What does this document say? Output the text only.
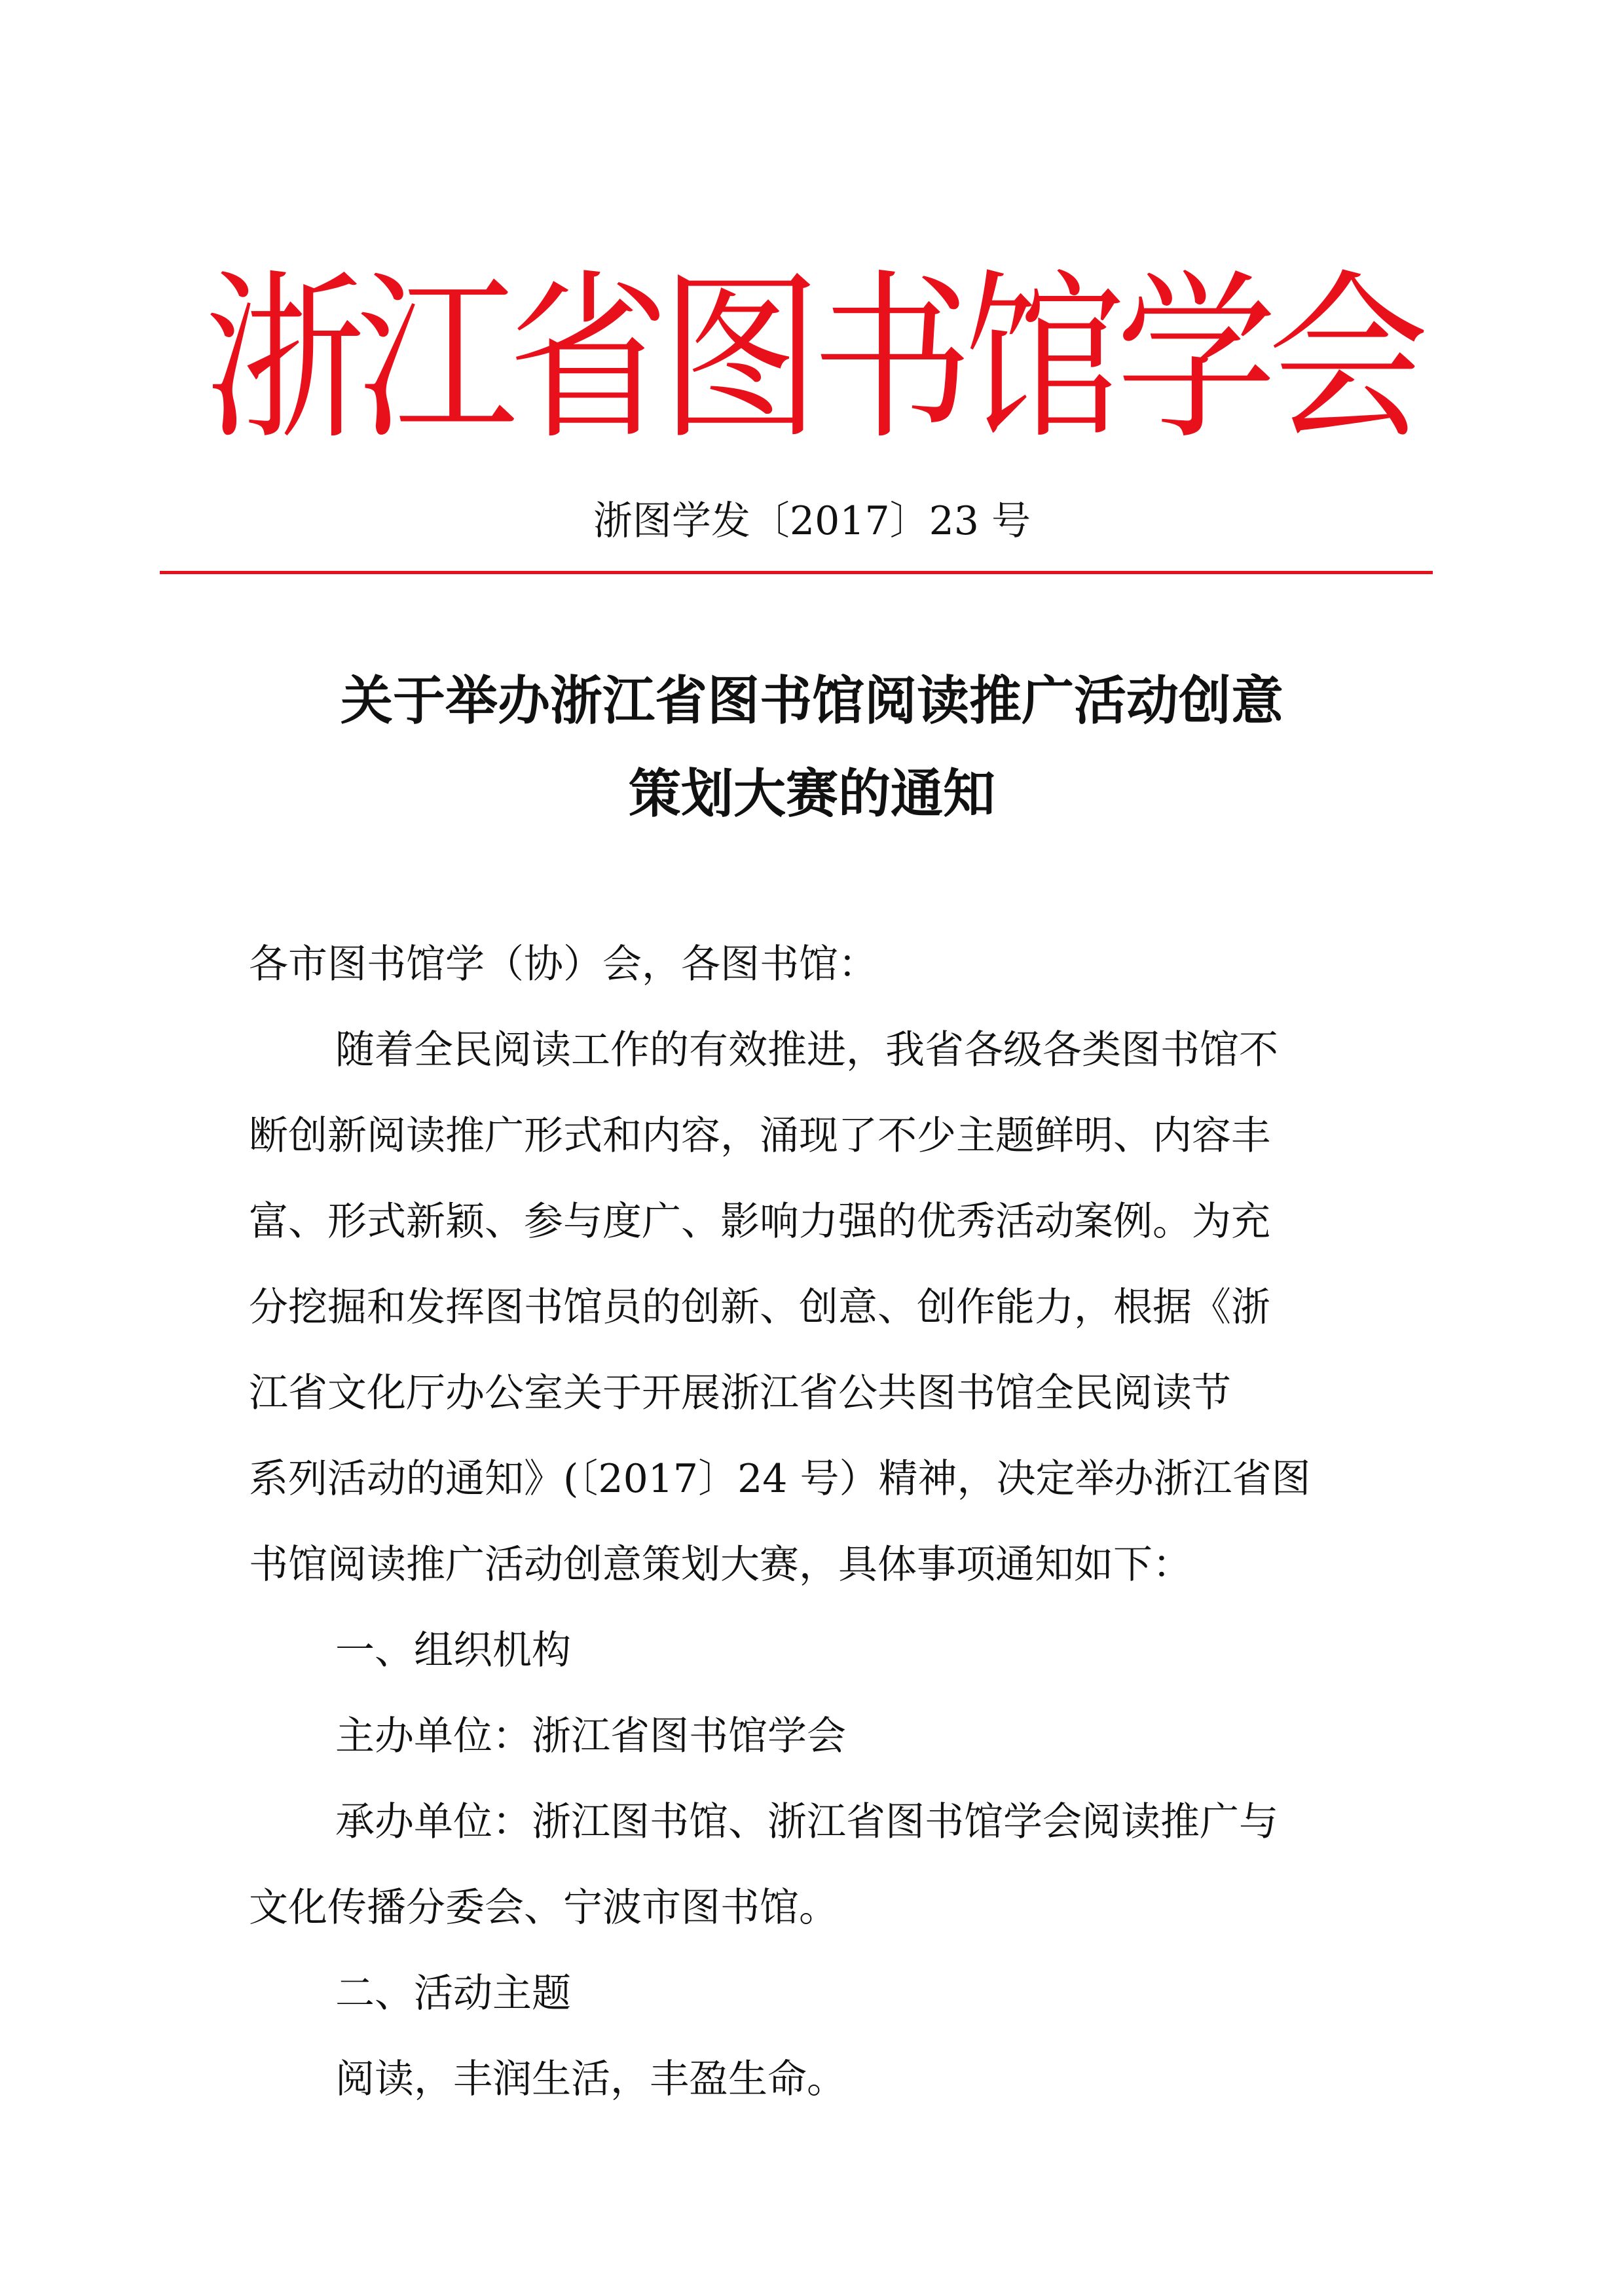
浙江省图书馆学会
浙图学发〔2017〕23 号
关于举办浙江省图书馆阅读推广活动创意
策划大赛的通知

各市图书馆学（协）会，各图书馆：

随着全民阅读工作的有效推进，我省各级各类图书馆不

断创新阅读推广形式和内容，涌现了不少主题鲜明、内容丰

富、形式新颖、参与度广、影响力强的优秀活动案例。为充

分挖掘和发挥图书馆员的创新、创意、创作能力，根据《浙

江省文化厅办公室关于开展浙江省公共图书馆全民阅读节

系列活动的通知》(〔2017〕24 号）精神，决定举办浙江省图

书馆阅读推广活动创意策划大赛，具体事项通知如下：

一、组织机构

主办单位：浙江省图书馆学会

承办单位：浙江图书馆、浙江省图书馆学会阅读推广与

文化传播分委会、宁波市图书馆。

二、活动主题

阅读，丰润生活，丰盈生命。
